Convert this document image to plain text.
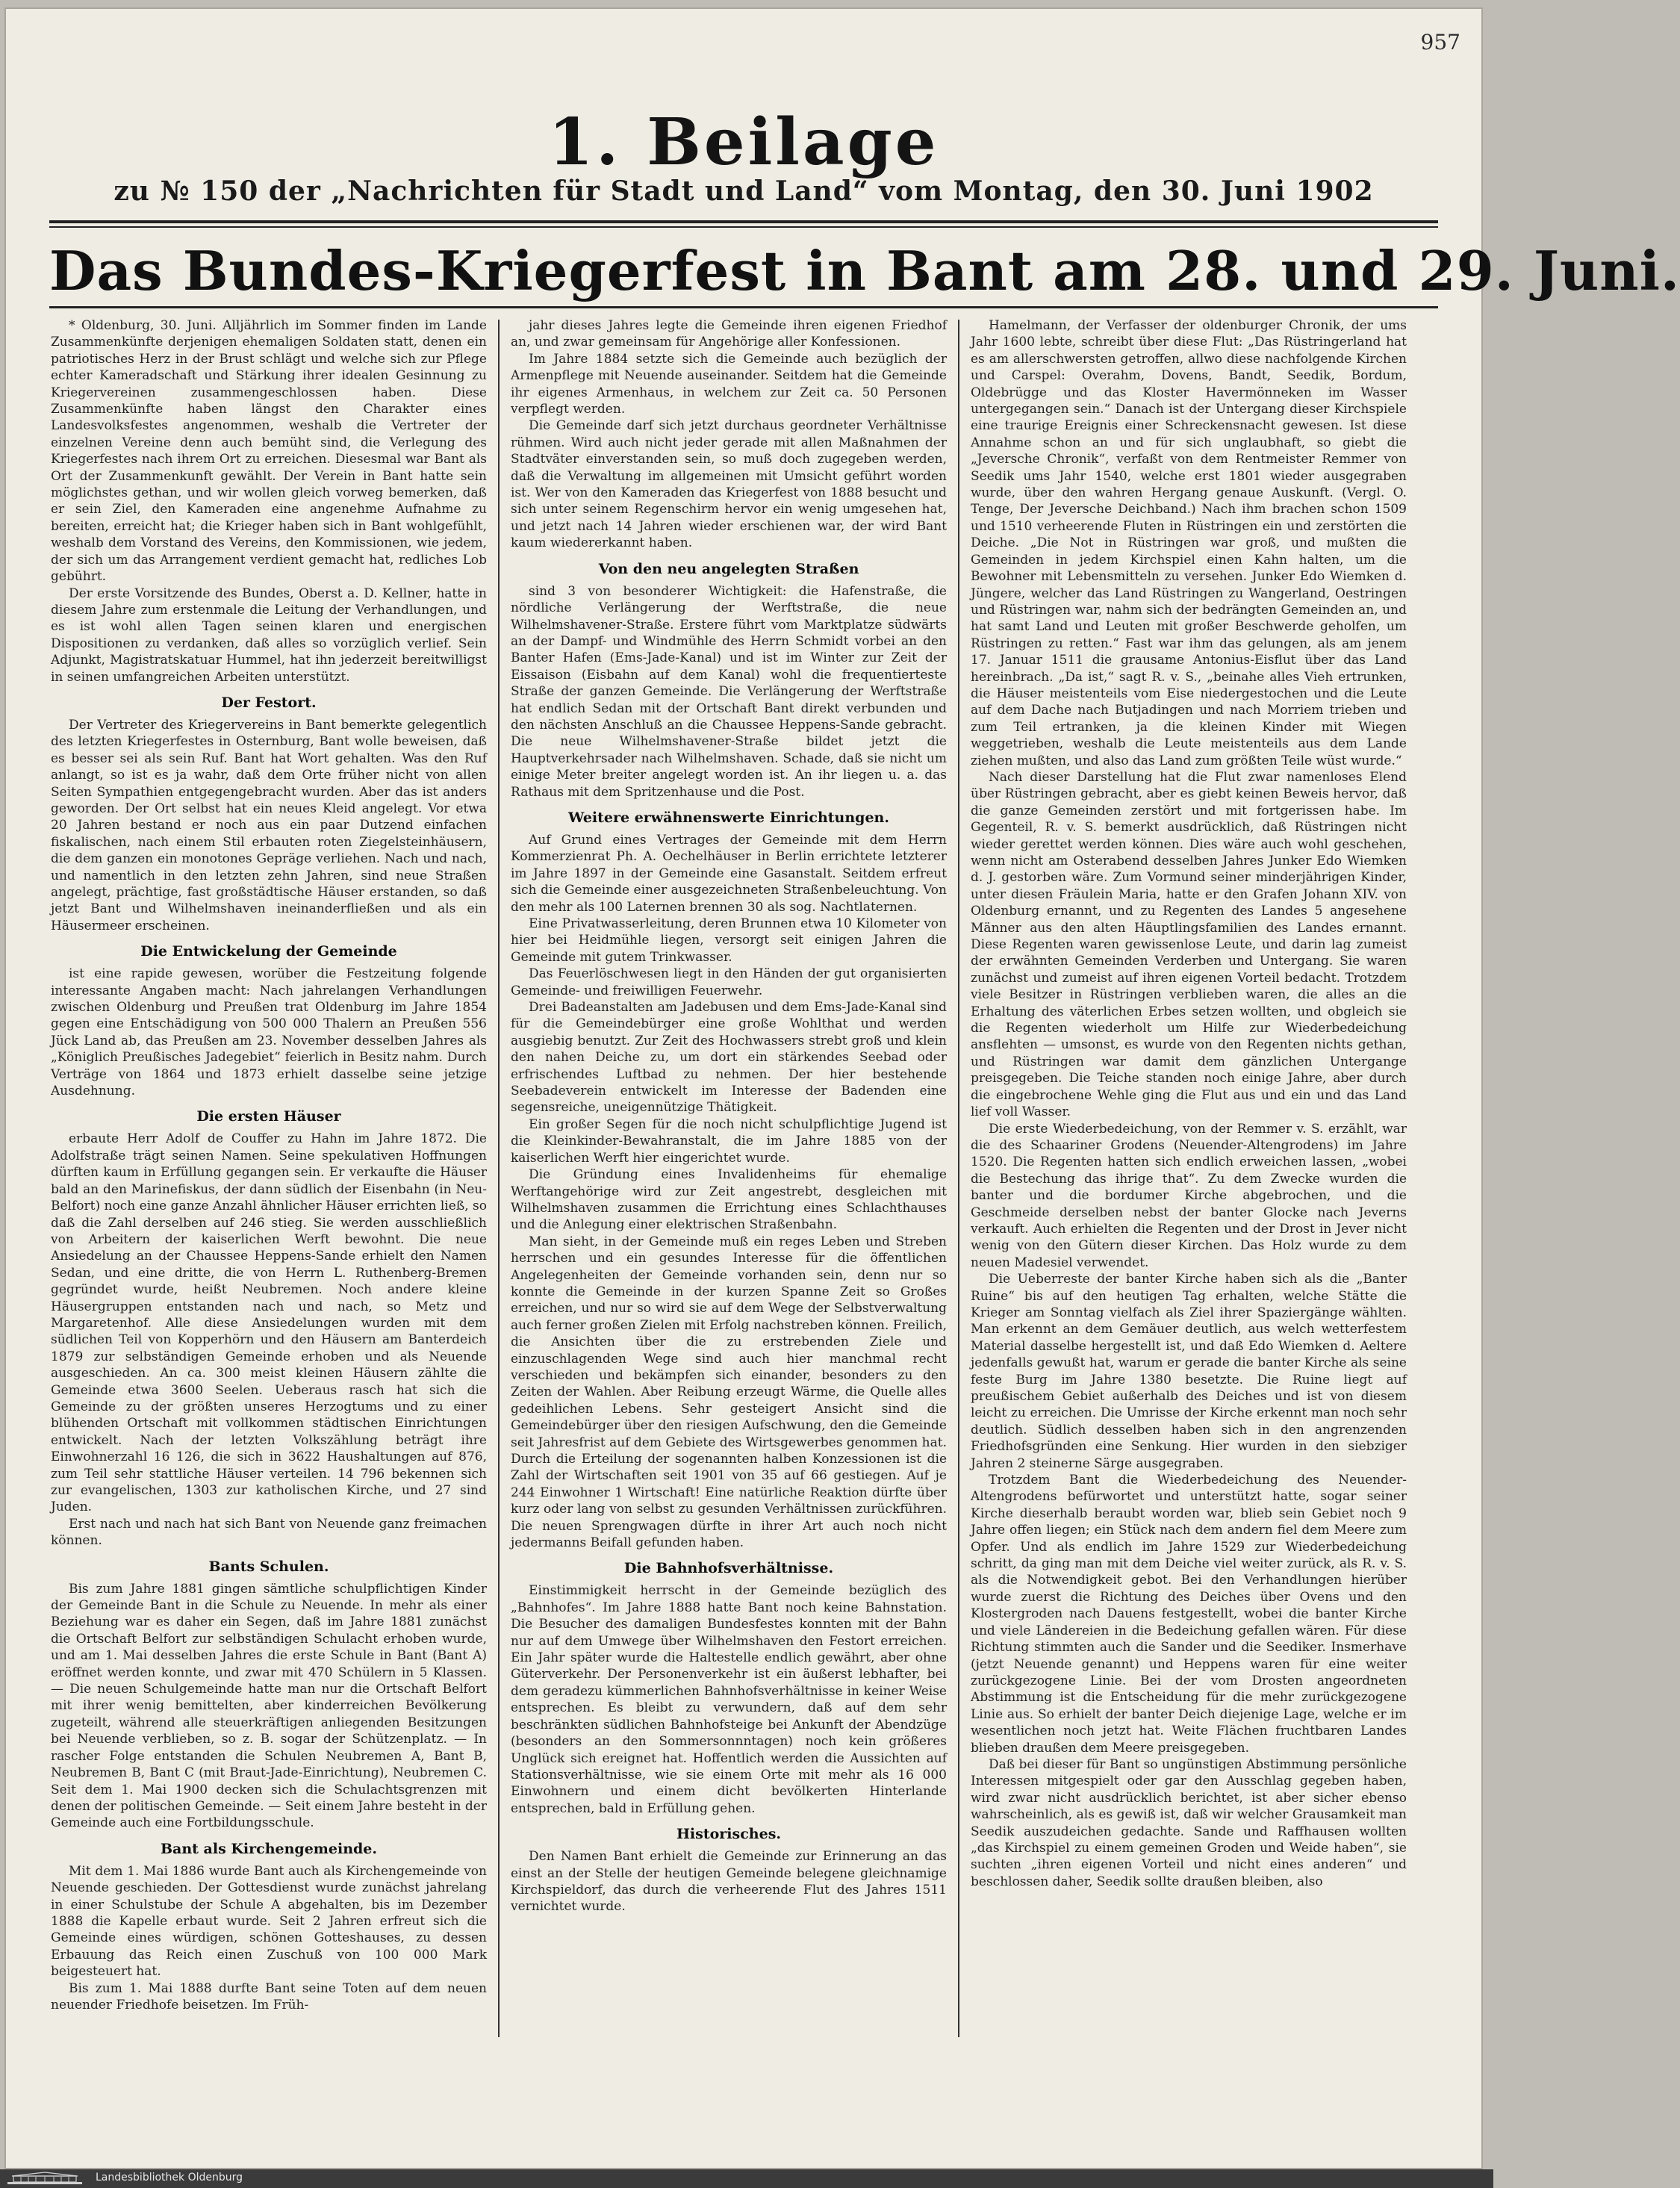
957
1. Beilage
zu № 150 der „Nachrichten für Stadt und Land“ vom Montag, den 30. Juni 1902
Das Bundes-Kriegerfest in Bant am 28. und 29. Juni.

* Oldenburg, 30. Juni. Alljährlich im Sommer finden im Lande Zusammenkünfte derjenigen ehemaligen Soldaten statt, denen ein patriotisches Herz in der Brust schlägt und welche sich zur Pflege echter Kameradschaft und Stärkung ihrer idealen Gesinnung zu Kriegervereinen zusammengeschlossen haben. Diese Zusammenkünfte haben längst den Charakter eines Landesvolksfestes angenommen, weshalb die Vertreter der einzelnen Vereine denn auch bemüht sind, die Verlegung des Kriegerfestes nach ihrem Ort zu erreichen. Diesesmal war Bant als Ort der Zusammenkunft gewählt. Der Verein in Bant hatte sein möglichstes gethan, und wir wollen gleich vorweg bemerken, daß er sein Ziel, den Kameraden eine angenehme Aufnahme zu bereiten, erreicht hat; die Krieger haben sich in Bant wohlgefühlt, weshalb dem Vorstand des Vereins, den Kommissionen, wie jedem, der sich um das Arrangement verdient gemacht hat, redliches Lob gebührt.

Der erste Vorsitzende des Bundes, Oberst a. D. Kellner, hatte in diesem Jahre zum erstenmale die Leitung der Verhandlungen, und es ist wohl allen Tagen seinen klaren und energischen Dispositionen zu verdanken, daß alles so vorzüglich verlief. Sein Adjunkt, Magistratskatuar Hummel, hat ihn jederzeit bereitwilligst in seinen umfangreichen Arbeiten unterstützt.

Der Festort.

Der Vertreter des Kriegervereins in Bant bemerkte gelegentlich des letzten Kriegerfestes in Osternburg, Bant wolle beweisen, daß es besser sei als sein Ruf. Bant hat Wort gehalten. Was den Ruf anlangt, so ist es ja wahr, daß dem Orte früher nicht von allen Seiten Sympathien entgegengebracht wurden. Aber das ist anders geworden. Der Ort selbst hat ein neues Kleid angelegt. Vor etwa 20 Jahren bestand er noch aus ein paar Dutzend einfachen fiskalischen, nach einem Stil erbauten roten Ziegelsteinhäusern, die dem ganzen ein monotones Gepräge verliehen. Nach und nach, und namentlich in den letzten zehn Jahren, sind neue Straßen angelegt, prächtige, fast großstädtische Häuser erstanden, so daß jetzt Bant und Wilhelmshaven ineinanderfließen und als ein Häusermeer erscheinen.

Die Entwickelung der Gemeinde

ist eine rapide gewesen, worüber die Festzeitung folgende interessante Angaben macht: Nach jahrelangen Verhandlungen zwischen Oldenburg und Preußen trat Oldenburg im Jahre 1854 gegen eine Entschädigung von 500 000 Thalern an Preußen 556 Jück Land ab, das Preußen am 23. November desselben Jahres als „Königlich Preußisches Jadegebiet“ feierlich in Besitz nahm. Durch Verträge von 1864 und 1873 erhielt dasselbe seine jetzige Ausdehnung.

Die ersten Häuser

erbaute Herr Adolf de Couffer zu Hahn im Jahre 1872. Die Adolfstraße trägt seinen Namen. Seine spekulativen Hoffnungen dürften kaum in Erfüllung gegangen sein. Er verkaufte die Häuser bald an den Marinefiskus, der dann südlich der Eisenbahn (in Neu-Belfort) noch eine ganze Anzahl ähnlicher Häuser errichten ließ, so daß die Zahl derselben auf 246 stieg. Sie werden ausschließlich von Arbeitern der kaiserlichen Werft bewohnt. Die neue Ansiedelung an der Chaussee Heppens-Sande erhielt den Namen Sedan, und eine dritte, die von Herrn L. Ruthenberg-Bremen gegründet wurde, heißt Neubremen. Noch andere kleine Häusergruppen entstanden nach und nach, so Metz und Margaretenhof. Alle diese Ansiedelungen wurden mit dem südlichen Teil von Kopperhörn und den Häusern am Banterdeich 1879 zur selbständigen Gemeinde erhoben und als Neuende ausgeschieden. An ca. 300 meist kleinen Häusern zählte die Gemeinde etwa 3600 Seelen. Ueberaus rasch hat sich die Gemeinde zu der größten unseres Herzogtums und zu einer blühenden Ortschaft mit vollkommen städtischen Einrichtungen entwickelt. Nach der letzten Volkszählung beträgt ihre Einwohnerzahl 16 126, die sich in 3622 Haushaltungen auf 876, zum Teil sehr stattliche Häuser verteilen. 14 796 bekennen sich zur evangelischen, 1303 zur katholischen Kirche, und 27 sind Juden.

Erst nach und nach hat sich Bant von Neuende ganz freimachen können.

Bants Schulen.

Bis zum Jahre 1881 gingen sämtliche schulpflichtigen Kinder der Gemeinde Bant in die Schule zu Neuende. In mehr als einer Beziehung war es daher ein Segen, daß im Jahre 1881 zunächst die Ortschaft Belfort zur selbständigen Schulacht erhoben wurde, und am 1. Mai desselben Jahres die erste Schule in Bant (Bant A) eröffnet werden konnte, und zwar mit 470 Schülern in 5 Klassen. — Die neuen Schulgemeinde hatte man nur die Ortschaft Belfort mit ihrer wenig bemittelten, aber kinderreichen Bevölkerung zugeteilt, während alle steuerkräftigen anliegenden Besitzungen bei Neuende verblieben, so z. B. sogar der Schützenplatz. — In rascher Folge entstanden die Schulen Neubremen A, Bant B, Neubremen B, Bant C (mit Braut-Jade-Einrichtung), Neubremen C. Seit dem 1. Mai 1900 decken sich die Schulachtsgrenzen mit denen der politischen Gemeinde. — Seit einem Jahre besteht in der Gemeinde auch eine Fortbildungsschule.

Bant als Kirchengemeinde.

Mit dem 1. Mai 1886 wurde Bant auch als Kirchengemeinde von Neuende geschieden. Der Gottesdienst wurde zunächst jahrelang in einer Schulstube der Schule A abgehalten, bis im Dezember 1888 die Kapelle erbaut wurde. Seit 2 Jahren erfreut sich die Gemeinde eines würdigen, schönen Gotteshauses, zu dessen Erbauung das Reich einen Zuschuß von 100 000 Mark beigesteuert hat.

Bis zum 1. Mai 1888 durfte Bant seine Toten auf dem neuen neuender Friedhofe beisetzen. Im Früh-

jahr dieses Jahres legte die Gemeinde ihren eigenen Friedhof an, und zwar gemeinsam für Angehörige aller Konfessionen.

Im Jahre 1884 setzte sich die Gemeinde auch bezüglich der Armenpflege mit Neuende auseinander. Seitdem hat die Gemeinde ihr eigenes Armenhaus, in welchem zur Zeit ca. 50 Personen verpflegt werden.

Die Gemeinde darf sich jetzt durchaus geordneter Verhältnisse rühmen. Wird auch nicht jeder gerade mit allen Maßnahmen der Stadtväter einverstanden sein, so muß doch zugegeben werden, daß die Verwaltung im allgemeinen mit Umsicht geführt worden ist. Wer von den Kameraden das Kriegerfest von 1888 besucht und sich unter seinem Regenschirm hervor ein wenig umgesehen hat, und jetzt nach 14 Jahren wieder erschienen war, der wird Bant kaum wiedererkannt haben.

Von den neu angelegten Straßen

sind 3 von besonderer Wichtigkeit: die Hafenstraße, die nördliche Verlängerung der Werftstraße, die neue Wilhelmshavener-Straße. Erstere führt vom Marktplatze südwärts an der Dampf- und Windmühle des Herrn Schmidt vorbei an den Banter Hafen (Ems-Jade-Kanal) und ist im Winter zur Zeit der Eissaison (Eisbahn auf dem Kanal) wohl die frequentierteste Straße der ganzen Gemeinde. Die Verlängerung der Werftstraße hat endlich Sedan mit der Ortschaft Bant direkt verbunden und den nächsten Anschluß an die Chaussee Heppens-Sande gebracht. Die neue Wilhelmshavener-Straße bildet jetzt die Hauptverkehrsader nach Wilhelmshaven. Schade, daß sie nicht um einige Meter breiter angelegt worden ist. An ihr liegen u. a. das Rathaus mit dem Spritzenhause und die Post.

Weitere erwähnenswerte Einrichtungen.

Auf Grund eines Vertrages der Gemeinde mit dem Herrn Kommerzienrat Ph. A. Oechelhäuser in Berlin errichtete letzterer im Jahre 1897 in der Gemeinde eine Gasanstalt. Seitdem erfreut sich die Gemeinde einer ausgezeichneten Straßenbeleuchtung. Von den mehr als 100 Laternen brennen 30 als sog. Nachtlaternen.

Eine Privatwasserleitung, deren Brunnen etwa 10 Kilometer von hier bei Heidmühle liegen, versorgt seit einigen Jahren die Gemeinde mit gutem Trinkwasser.

Das Feuerlöschwesen liegt in den Händen der gut organisierten Gemeinde- und freiwilligen Feuerwehr.

Drei Badeanstalten am Jadebusen und dem Ems-Jade-Kanal sind für die Gemeindebürger eine große Wohlthat und werden ausgiebig benutzt. Zur Zeit des Hochwassers strebt groß und klein den nahen Deiche zu, um dort ein stärkendes Seebad oder erfrischendes Luftbad zu nehmen. Der hier bestehende Seebadeverein entwickelt im Interesse der Badenden eine segensreiche, uneigennützige Thätigkeit.

Ein großer Segen für die noch nicht schulpflichtige Jugend ist die Kleinkinder-Bewahranstalt, die im Jahre 1885 von der kaiserlichen Werft hier eingerichtet wurde.

Die Gründung eines Invalidenheims für ehemalige Werftangehörige wird zur Zeit angestrebt, desgleichen mit Wilhelmshaven zusammen die Errichtung eines Schlachthauses und die Anlegung einer elektrischen Straßenbahn.

Man sieht, in der Gemeinde muß ein reges Leben und Streben herrschen und ein gesundes Interesse für die öffentlichen Angelegenheiten der Gemeinde vorhanden sein, denn nur so konnte die Gemeinde in der kurzen Spanne Zeit so Großes erreichen, und nur so wird sie auf dem Wege der Selbstverwaltung auch ferner großen Zielen mit Erfolg nachstreben können. Freilich, die Ansichten über die zu erstrebenden Ziele und einzuschlagenden Wege sind auch hier manchmal recht verschieden und bekämpfen sich einander, besonders zu den Zeiten der Wahlen. Aber Reibung erzeugt Wärme, die Quelle alles gedeihlichen Lebens. Sehr gesteigert Ansicht sind die Gemeindebürger über den riesigen Aufschwung, den die Gemeinde seit Jahresfrist auf dem Gebiete des Wirtsgewerbes genommen hat. Durch die Erteilung der sogenannten halben Konzessionen ist die Zahl der Wirtschaften seit 1901 von 35 auf 66 gestiegen. Auf je 244 Einwohner 1 Wirtschaft! Eine natürliche Reaktion dürfte über kurz oder lang von selbst zu gesunden Verhältnissen zurückführen. Die neuen Sprengwagen dürfte in ihrer Art auch noch nicht jedermanns Beifall gefunden haben.

Die Bahnhofsverhältnisse.

Einstimmigkeit herrscht in der Gemeinde bezüglich des „Bahnhofes“. Im Jahre 1888 hatte Bant noch keine Bahnstation. Die Besucher des damaligen Bundesfestes konnten mit der Bahn nur auf dem Umwege über Wilhelmshaven den Festort erreichen. Ein Jahr später wurde die Haltestelle endlich gewährt, aber ohne Güterverkehr. Der Personenverkehr ist ein äußerst lebhafter, bei dem geradezu kümmerlichen Bahnhofsverhältnisse in keiner Weise entsprechen. Es bleibt zu verwundern, daß auf dem sehr beschränkten südlichen Bahnhofsteige bei Ankunft der Abendzüge (besonders an den Sommersonnntagen) noch kein größeres Unglück sich ereignet hat. Hoffentlich werden die Aussichten auf Stationsverhältnisse, wie sie einem Orte mit mehr als 16 000 Einwohnern und einem dicht bevölkerten Hinterlande entsprechen, bald in Erfüllung gehen.

Historisches.

Den Namen Bant erhielt die Gemeinde zur Erinnerung an das einst an der Stelle der heutigen Gemeinde belegene gleichnamige Kirchspieldorf, das durch die verheerende Flut des Jahres 1511 vernichtet wurde.

Hamelmann, der Verfasser der oldenburger Chronik, der ums Jahr 1600 lebte, schreibt über diese Flut: „Das Rüstringerland hat es am allerschwersten getroffen, allwo diese nachfolgende Kirchen und Carspel: Overahm, Dovens, Bandt, Seedik, Bordum, Oldebrügge und das Kloster Havermönneken im Wasser untergegangen sein.“ Danach ist der Untergang dieser Kirchspiele eine traurige Ereignis einer Schreckensnacht gewesen. Ist diese Annahme schon an und für sich unglaubhaft, so giebt die „Jeversche Chronik“, verfaßt von dem Rentmeister Remmer von Seedik ums Jahr 1540, welche erst 1801 wieder ausgegraben wurde, über den wahren Hergang genaue Auskunft. (Vergl. O. Tenge, Der Jeversche Deichband.) Nach ihm brachen schon 1509 und 1510 verheerende Fluten in Rüstringen ein und zerstörten die Deiche. „Die Not in Rüstringen war groß, und mußten die Gemeinden in jedem Kirchspiel einen Kahn halten, um die Bewohner mit Lebensmitteln zu versehen. Junker Edo Wiemken d. Jüngere, welcher das Land Rüstringen zu Wangerland, Oestringen und Rüstringen war, nahm sich der bedrängten Gemeinden an, und hat samt Land und Leuten mit großer Beschwerde geholfen, um Rüstringen zu retten.“ Fast war ihm das gelungen, als am jenem 17. Januar 1511 die grausame Antonius-Eisflut über das Land hereinbrach. „Da ist,“ sagt R. v. S., „beinahe alles Vieh ertrunken, die Häuser meistenteils vom Eise niedergestochen und die Leute auf dem Dache nach Butjadingen und nach Morriem trieben und zum Teil ertranken, ja die kleinen Kinder mit Wiegen weggetrieben, weshalb die Leute meistenteils aus dem Lande ziehen mußten, und also das Land zum größten Teile wüst wurde.“

Nach dieser Darstellung hat die Flut zwar namenloses Elend über Rüstringen gebracht, aber es giebt keinen Beweis hervor, daß die ganze Gemeinden zerstört und mit fortgerissen habe. Im Gegenteil, R. v. S. bemerkt ausdrücklich, daß Rüstringen nicht wieder gerettet werden können. Dies wäre auch wohl geschehen, wenn nicht am Osterabend desselben Jahres Junker Edo Wiemken d. J. gestorben wäre. Zum Vormund seiner minderjährigen Kinder, unter diesen Fräulein Maria, hatte er den Grafen Johann XIV. von Oldenburg ernannt, und zu Regenten des Landes 5 angesehene Männer aus den alten Häuptlingsfamilien des Landes ernannt. Diese Regenten waren gewissenlose Leute, und darin lag zumeist der erwähnten Gemeinden Verderben und Untergang. Sie waren zunächst und zumeist auf ihren eigenen Vorteil bedacht. Trotzdem viele Besitzer in Rüstringen verblieben waren, die alles an die Erhaltung des väterlichen Erbes setzen wollten, und obgleich sie die Regenten wiederholt um Hilfe zur Wiederbedeichung ansflehten — umsonst, es wurde von den Regenten nichts gethan, und Rüstringen war damit dem gänzlichen Untergange preisgegeben. Die Teiche standen noch einige Jahre, aber durch die eingebrochene Wehle ging die Flut aus und ein und das Land lief voll Wasser.

Die erste Wiederbedeichung, von der Remmer v. S. erzählt, war die des Schaariner Grodens (Neuender-Altengrodens) im Jahre 1520. Die Regenten hatten sich endlich erweichen lassen, „wobei die Bestechung das ihrige that“. Zu dem Zwecke wurden die banter und die bordumer Kirche abgebrochen, und die Geschmeide derselben nebst der banter Glocke nach Jeverns verkauft. Auch erhielten die Regenten und der Drost in Jever nicht wenig von den Gütern dieser Kirchen. Das Holz wurde zu dem neuen Madesiel verwendet.

Die Ueberreste der banter Kirche haben sich als die „Banter Ruine“ bis auf den heutigen Tag erhalten, welche Stätte die Krieger am Sonntag vielfach als Ziel ihrer Spaziergänge wählten. Man erkennt an dem Gemäuer deutlich, aus welch wetterfestem Material dasselbe hergestellt ist, und daß Edo Wiemken d. Aeltere jedenfalls gewußt hat, warum er gerade die banter Kirche als seine feste Burg im Jahre 1380 besetzte. Die Ruine liegt auf preußischem Gebiet außerhalb des Deiches und ist von diesem leicht zu erreichen. Die Umrisse der Kirche erkennt man noch sehr deutlich. Südlich desselben haben sich in den angrenzenden Friedhofsgründen eine Senkung. Hier wurden in den siebziger Jahren 2 steinerne Särge ausgegraben.

Trotzdem Bant die Wiederbedeichung des Neuender-Altengrodens befürwortet und unterstützt hatte, sogar seiner Kirche dieserhalb beraubt worden war, blieb sein Gebiet noch 9 Jahre offen liegen; ein Stück nach dem andern fiel dem Meere zum Opfer. Und als endlich im Jahre 1529 zur Wiederbedeichung schritt, da ging man mit dem Deiche viel weiter zurück, als R. v. S. als die Notwendigkeit gebot. Bei den Verhandlungen hierüber wurde zuerst die Richtung des Deiches über Ovens und den Klostergroden nach Dauens festgestellt, wobei die banter Kirche und viele Ländereien in die Bedeichung gefallen wären. Für diese Richtung stimmten auch die Sander und die Seediker. Insmerhave (jetzt Neuende genannt) und Heppens waren für eine weiter zurückgezogene Linie. Bei der vom Drosten angeordneten Abstimmung ist die Entscheidung für die mehr zurückgezogene Linie aus. So erhielt der banter Deich diejenige Lage, welche er im wesentlichen noch jetzt hat. Weite Flächen fruchtbaren Landes blieben draußen dem Meere preisgegeben.

Daß bei dieser für Bant so ungünstigen Abstimmung persönliche Interessen mitgespielt oder gar den Ausschlag gegeben haben, wird zwar nicht ausdrücklich berichtet, ist aber sicher ebenso wahrscheinlich, als es gewiß ist, daß wir welcher Grausamkeit man Seedik auszudeichen gedachte. Sande und Raffhausen wollten „das Kirchspiel zu einem gemeinen Groden und Weide haben“, sie suchten „ihren eigenen Vorteil und nicht eines anderen“ und beschlossen daher, Seedik sollte draußen bleiben, also

Landesbibliothek Oldenburg
